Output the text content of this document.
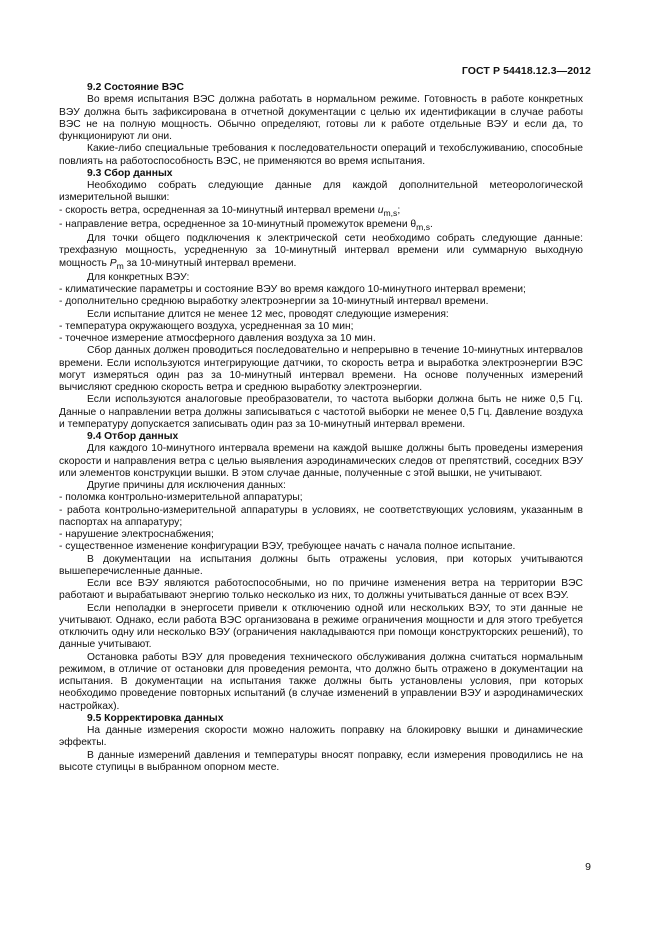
ГОСТ Р 54418.12.3—2012

9.2 Состояние ВЭС

Во время испытания ВЭС должна работать в нормальном режиме. Готовность в работе конкретных ВЭУ должна быть зафиксирована в отчетной документации с целью их идентификации в случае работы ВЭС не на полную мощность. Обычно определяют, готовы ли к работе отдельные ВЭУ и если да, то функционируют ли они.

Какие-либо специальные требования к последовательности операций и техобслуживанию, способные повлиять на работоспособность ВЭС, не применяются во время испытания.

9.3 Сбор данных

Необходимо собрать следующие данные для каждой дополнительной метеорологической измерительной вышки:

- скорость ветра, осредненная за 10-минутный интервал времени $u_{m,s}$;

- направление ветра, осредненное за 10-минутный промежуток времени $\theta_{m,s}$.

Для точки общего подключения к электрической сети необходимо собрать следующие данные: трехфазную мощность, усредненную за 10-минутный интервал времени или суммарную выходную мощность $P_m$ за 10-минутный интервал времени.

Для конкретных ВЭУ:

- климатические параметры и состояние ВЭУ во время каждого 10-минутного интервал времени;

- дополнительно среднюю выработку электроэнергии за 10-минутный интервал времени.

Если испытание длится не менее 12 мес, проводят следующие измерения:

- температура окружающего воздуха, усредненная за 10 мин;

- точечное измерение атмосферного давления воздуха за 10 мин.

Сбор данных должен проводиться последовательно и непрерывно в течение 10-минутных интервалов времени. Если используются интегрирующие датчики, то скорость ветра и выработка электроэнергии ВЭС могут измеряться один раз за 10-минутный интервал времени. На основе полученных измерений вычисляют среднюю скорость ветра и среднюю выработку электроэнергии.

Если используются аналоговые преобразователи, то частота выборки должна быть не ниже 0,5 Гц. Данные о направлении ветра должны записываться с частотой выборки не менее 0,5 Гц. Давление воздуха и температуру допускается записывать один раз за 10-минутный интервал времени.

9.4 Отбор данных

Для каждого 10-минутного интервала времени на каждой вышке должны быть проведены измерения скорости и направления ветра с целью выявления аэродинамических следов от препятствий, соседних ВЭУ или элементов конструкции вышки. В этом случае данные, полученные с этой вышки, не учитывают.

Другие причины для исключения данных:

- поломка контрольно-измерительной аппаратуры;

- работа контрольно-измерительной аппаратуры в условиях, не соответствующих условиям, указанным в паспортах на аппаратуру;

- нарушение электроснабжения;

- существенное изменение конфигурации ВЭУ, требующее начать с начала полное испытание.

В документации на испытания должны быть отражены условия, при которых учитываются вышеперечисленные данные.

Если все ВЭУ являются работоспособными, но по причине изменения ветра на территории ВЭС работают и вырабатывают энергию только несколько из них, то должны учитываться данные от всех ВЭУ.

Если неполадки в энергосети привели к отключению одной или нескольких ВЭУ, то эти данные не учитывают. Однако, если работа ВЭС организована в режиме ограничения мощности и для этого требуется отключить одну или несколько ВЭУ (ограничения накладываются при помощи конструкторских решений), то данные учитывают.

Остановка работы ВЭУ для проведения технического обслуживания должна считаться нормальным режимом, в отличие от остановки для проведения ремонта, что должно быть отражено в документации на испытания. В документации на испытания также должны быть установлены условия, при которых необходимо проведение повторных испытаний (в случае изменений в управлении ВЭУ и аэродинамических настройках).

9.5 Корректировка данных

На данные измерения скорости можно наложить поправку на блокировку вышки и динамические эффекты.

В данные измерений давления и температуры вносят поправку, если измерения проводились не на высоте ступицы в выбранном опорном месте.

9
